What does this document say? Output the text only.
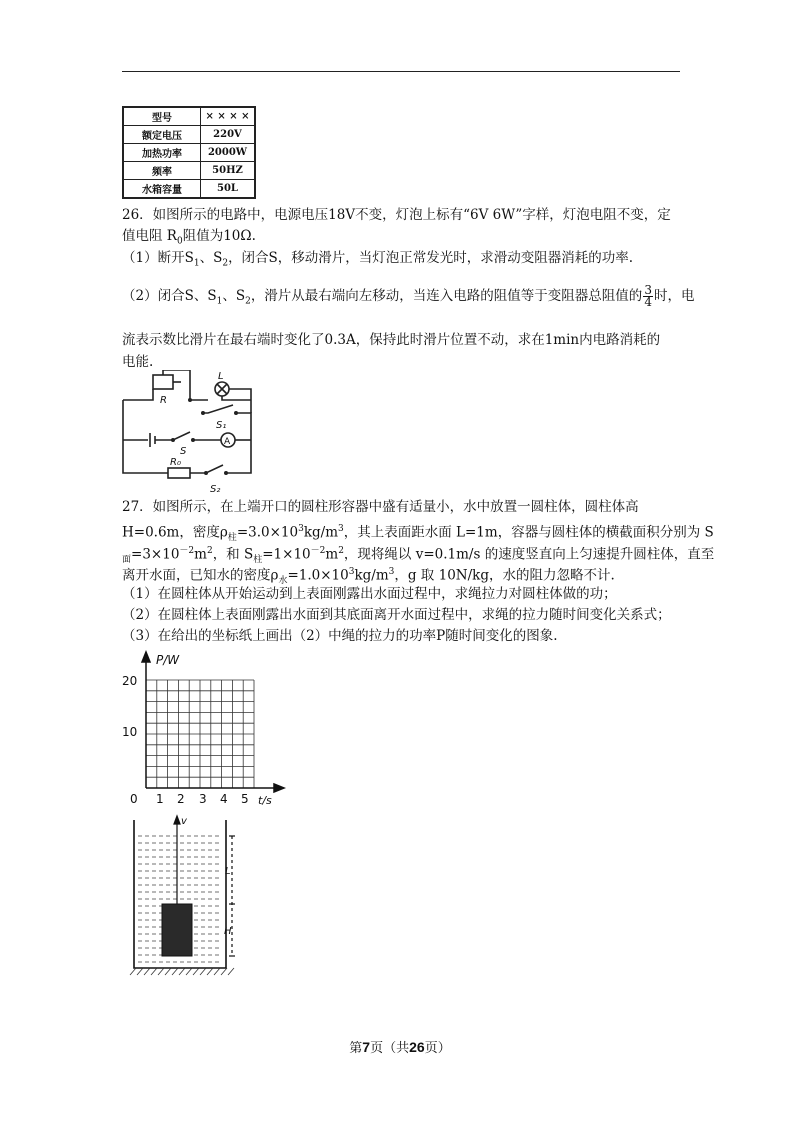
型号	× × × ×
额定电压	220V
加热功率	2000W
频率	50HZ
水箱容量	50L
26．如图所示的电路中，电源电压18V不变，灯泡上标有“6V 6W”字样，灯泡电阻不变，定
值电阻 $R_0$阻值为10Ω.
（1）断开$S_1$、$S_2$，闭合S，移动滑片，当灯泡正常发光时，求滑动变阻器消耗的功率.
（2）闭合S、$S_1$、$S_2$，滑片从最右端向左移动，当连入电路的阻值等于变阻器总阻值的 $\frac{3}{4}$ 时，电
流表示数比滑片在最右端时变化了0.3A，保持此时滑片位置不动，求在1min内电路消耗的
电能.
R
L
S₁
A
S
R₀
S₂
27．如图所示，在上端开口的圆柱形容器中盛有适量小，水中放置一圆柱体，圆柱体高
H=0.6m，密度$\rho_柱=3.0\times 10^3kg/m^3$，其上表面距水面 L=1m，容器与圆柱体的横截面积分别为 S
$_面=3\times 10^{-2}m^2$，和 $S_柱=1\times 10^{-2}m^2$，现将绳以 v=0.1m/s 的速度竖直向上匀速提升圆柱体，直至
离开水面，已知水的密度$\rho_水=1.0\times 10^3kg/m^3$，g 取 10N/kg，水的阻力忽略不计.
（1）在圆柱体从开始运动到上表面刚露出水面过程中，求绳拉力对圆柱体做的功；
（2）在圆柱体上表面刚露出水面到其底面离开水面过程中，求绳的拉力随时间变化关系式；
（3）在给出的坐标纸上画出（2）中绳的拉力的功率P随时间变化的图象.
P/W
t/s
20
10
0 1 2 3 4 5
v
L
H
第7页（共26页）
